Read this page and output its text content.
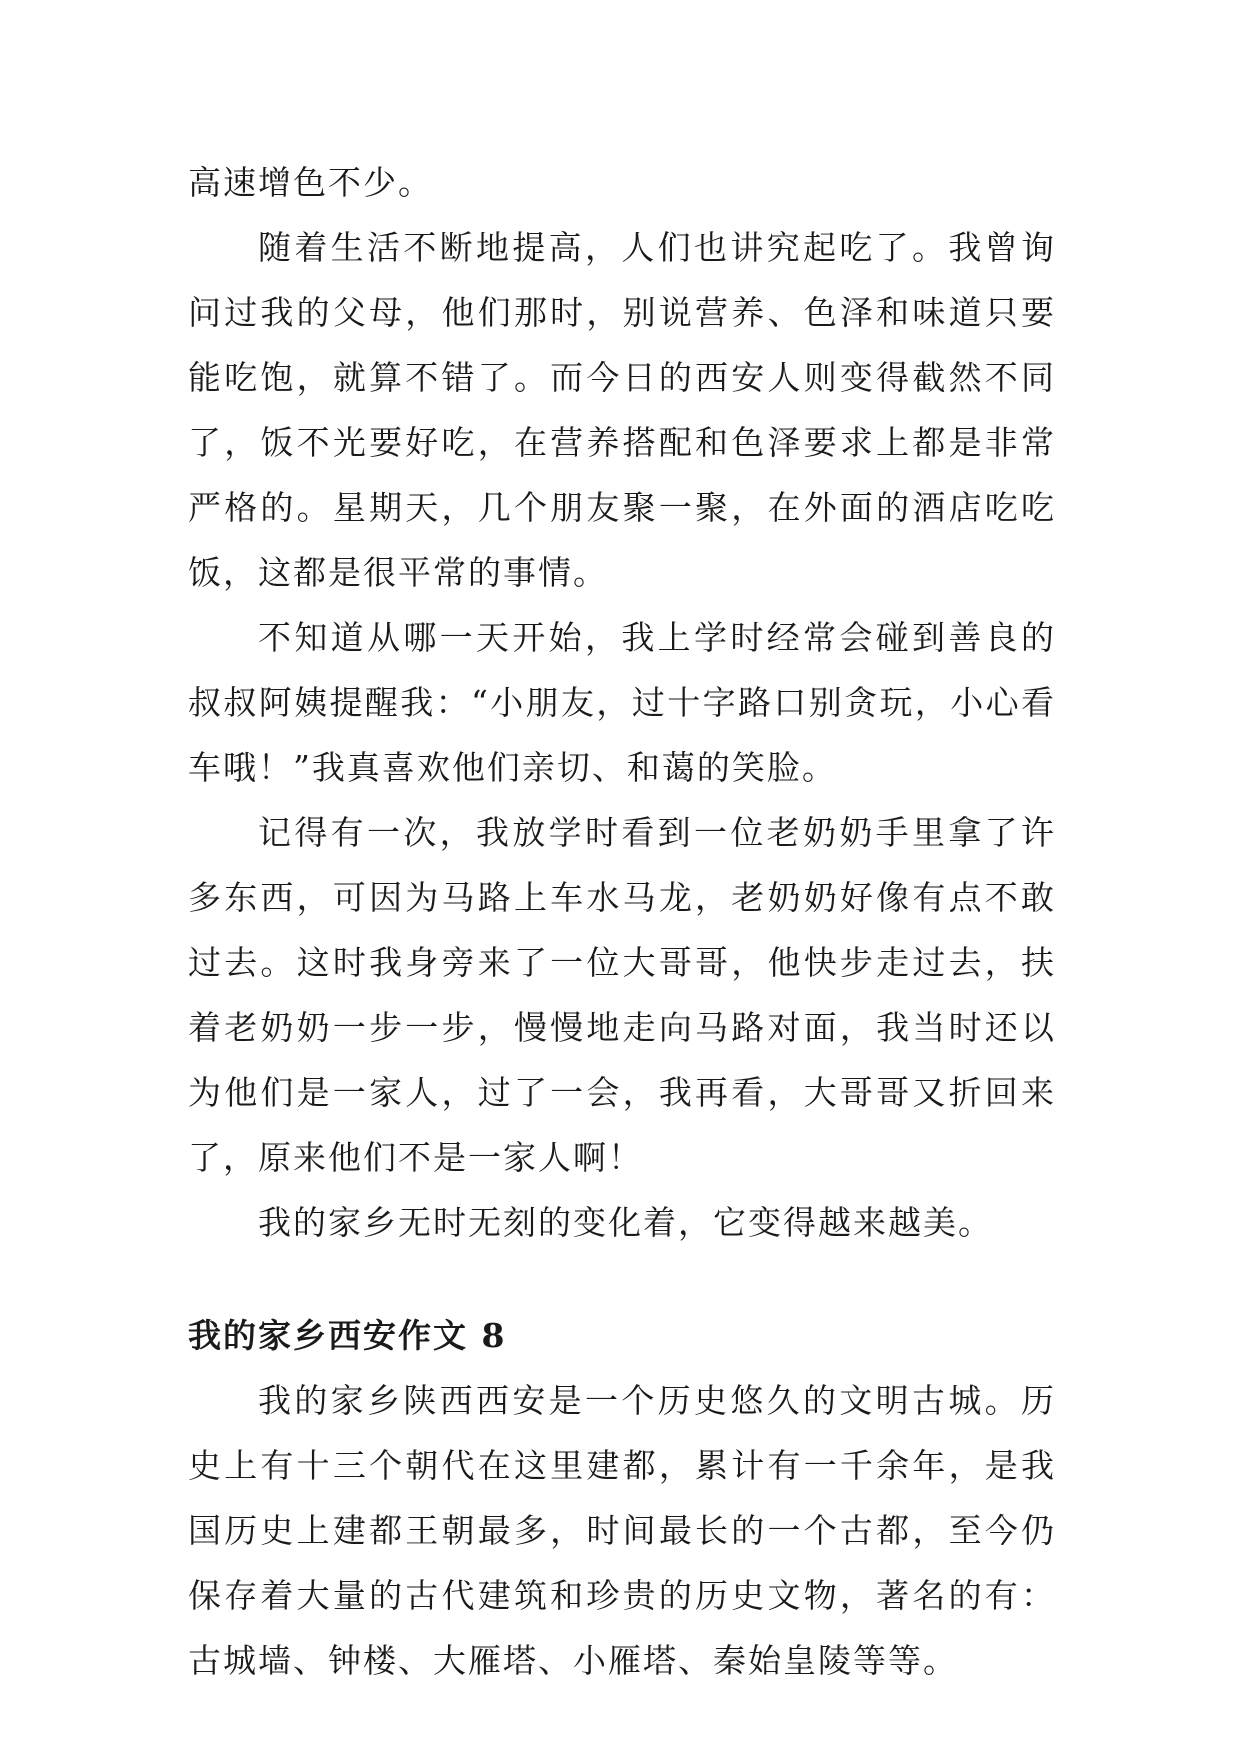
高速增色不少。

随着生活不断地提高，人们也讲究起吃了。我曾询问过我的父母，他们那时，别说营养、色泽和味道只要能吃饱，就算不错了。而今日的西安人则变得截然不同了，饭不光要好吃，在营养搭配和色泽要求上都是非常严格的。星期天，几个朋友聚一聚，在外面的酒店吃吃饭，这都是很平常的事情。

不知道从哪一天开始，我上学时经常会碰到善良的叔叔阿姨提醒我：“小朋友，过十字路口别贪玩，小心看车哦！”我真喜欢他们亲切、和蔼的笑脸。

记得有一次，我放学时看到一位老奶奶手里拿了许多东西，可因为马路上车水马龙，老奶奶好像有点不敢过去。这时我身旁来了一位大哥哥，他快步走过去，扶着老奶奶一步一步，慢慢地走向马路对面，我当时还以为他们是一家人，过了一会，我再看，大哥哥又折回来了，原来他们不是一家人啊！

我的家乡无时无刻的变化着，它变得越来越美。

我的家乡西安作文 8

我的家乡陕西西安是一个历史悠久的文明古城。历史上有十三个朝代在这里建都，累计有一千余年，是我国历史上建都王朝最多，时间最长的一个古都，至今仍保存着大量的古代建筑和珍贵的历史文物，著名的有：古城墙、钟楼、大雁塔、小雁塔、秦始皇陵等等。
